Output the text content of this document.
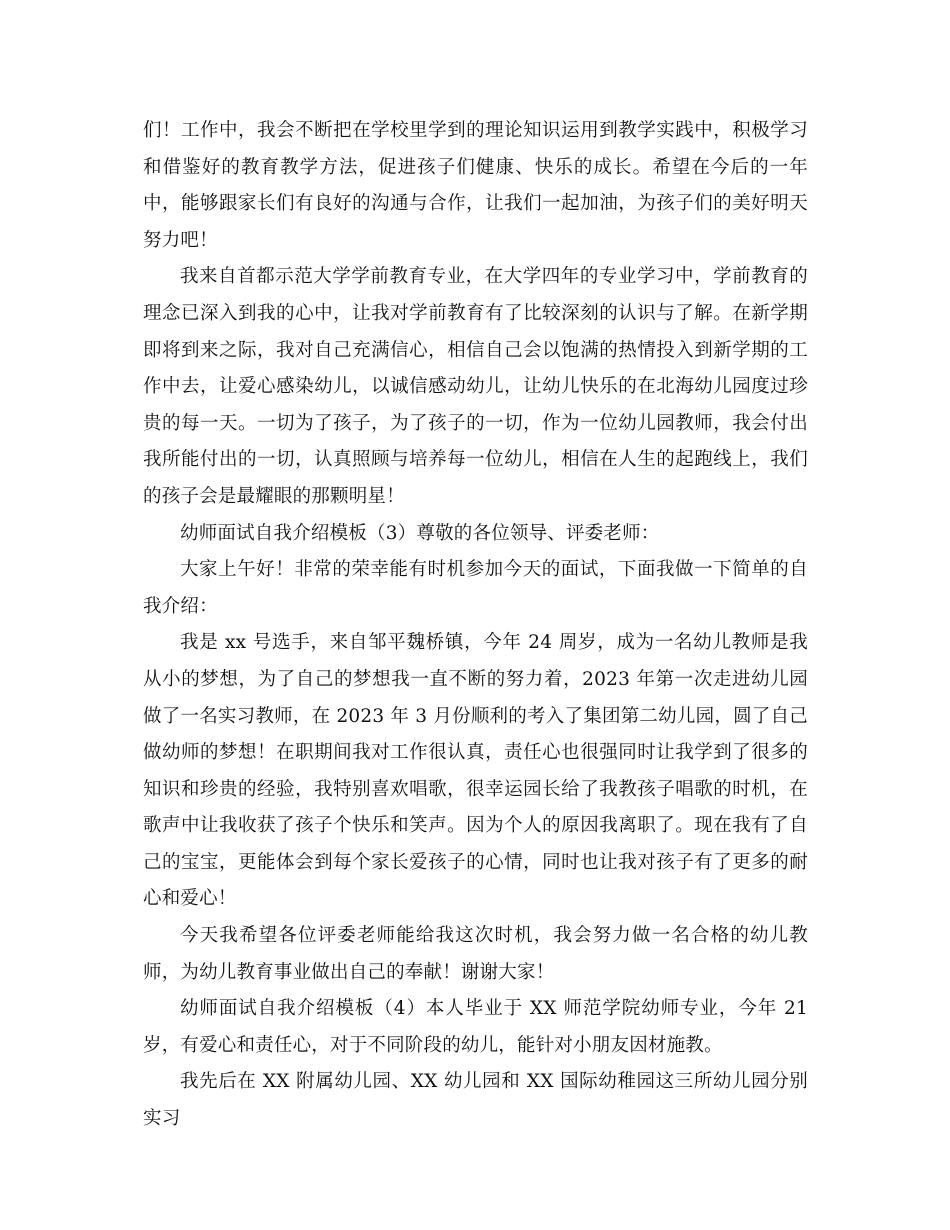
们！工作中，我会不断把在学校里学到的理论知识运用到教学实践中，积极学习和借鉴好的教育教学方法，促进孩子们健康、快乐的成长。希望在今后的一年中，能够跟家长们有良好的沟通与合作，让我们一起加油，为孩子们的美好明天努力吧！

我来自首都示范大学学前教育专业，在大学四年的专业学习中，学前教育的理念已深入到我的心中，让我对学前教育有了比较深刻的认识与了解。在新学期即将到来之际，我对自己充满信心，相信自己会以饱满的热情投入到新学期的工作中去，让爱心感染幼儿，以诚信感动幼儿，让幼儿快乐的在北海幼儿园度过珍贵的每一天。一切为了孩子，为了孩子的一切，作为一位幼儿园教师，我会付出我所能付出的一切，认真照顾与培养每一位幼儿，相信在人生的起跑线上，我们的孩子会是最耀眼的那颗明星！

幼师面试自我介绍模板（3）尊敬的各位领导、评委老师：

大家上午好！非常的荣幸能有时机参加今天的面试，下面我做一下简单的自我介绍：

我是 xx 号选手，来自邹平魏桥镇，今年 24 周岁，成为一名幼儿教师是我从小的梦想，为了自己的梦想我一直不断的努力着，2023 年第一次走进幼儿园做了一名实习教师，在 2023 年 3 月份顺利的考入了集团第二幼儿园，圆了自己做幼师的梦想！在职期间我对工作很认真，责任心也很强同时让我学到了很多的知识和珍贵的经验，我特别喜欢唱歌，很幸运园长给了我教孩子唱歌的时机，在歌声中让我收获了孩子个快乐和笑声。因为个人的原因我离职了。现在我有了自己的宝宝，更能体会到每个家长爱孩子的心情，同时也让我对孩子有了更多的耐心和爱心！

今天我希望各位评委老师能给我这次时机，我会努力做一名合格的幼儿教师，为幼儿教育事业做出自己的奉献！谢谢大家！

幼师面试自我介绍模板（4）本人毕业于 XX 师范学院幼师专业，今年 21 岁，有爱心和责任心，对于不同阶段的幼儿，能针对小朋友因材施教。

我先后在 XX 附属幼儿园、XX 幼儿园和 XX 国际幼稚园这三所幼儿园分别实习
